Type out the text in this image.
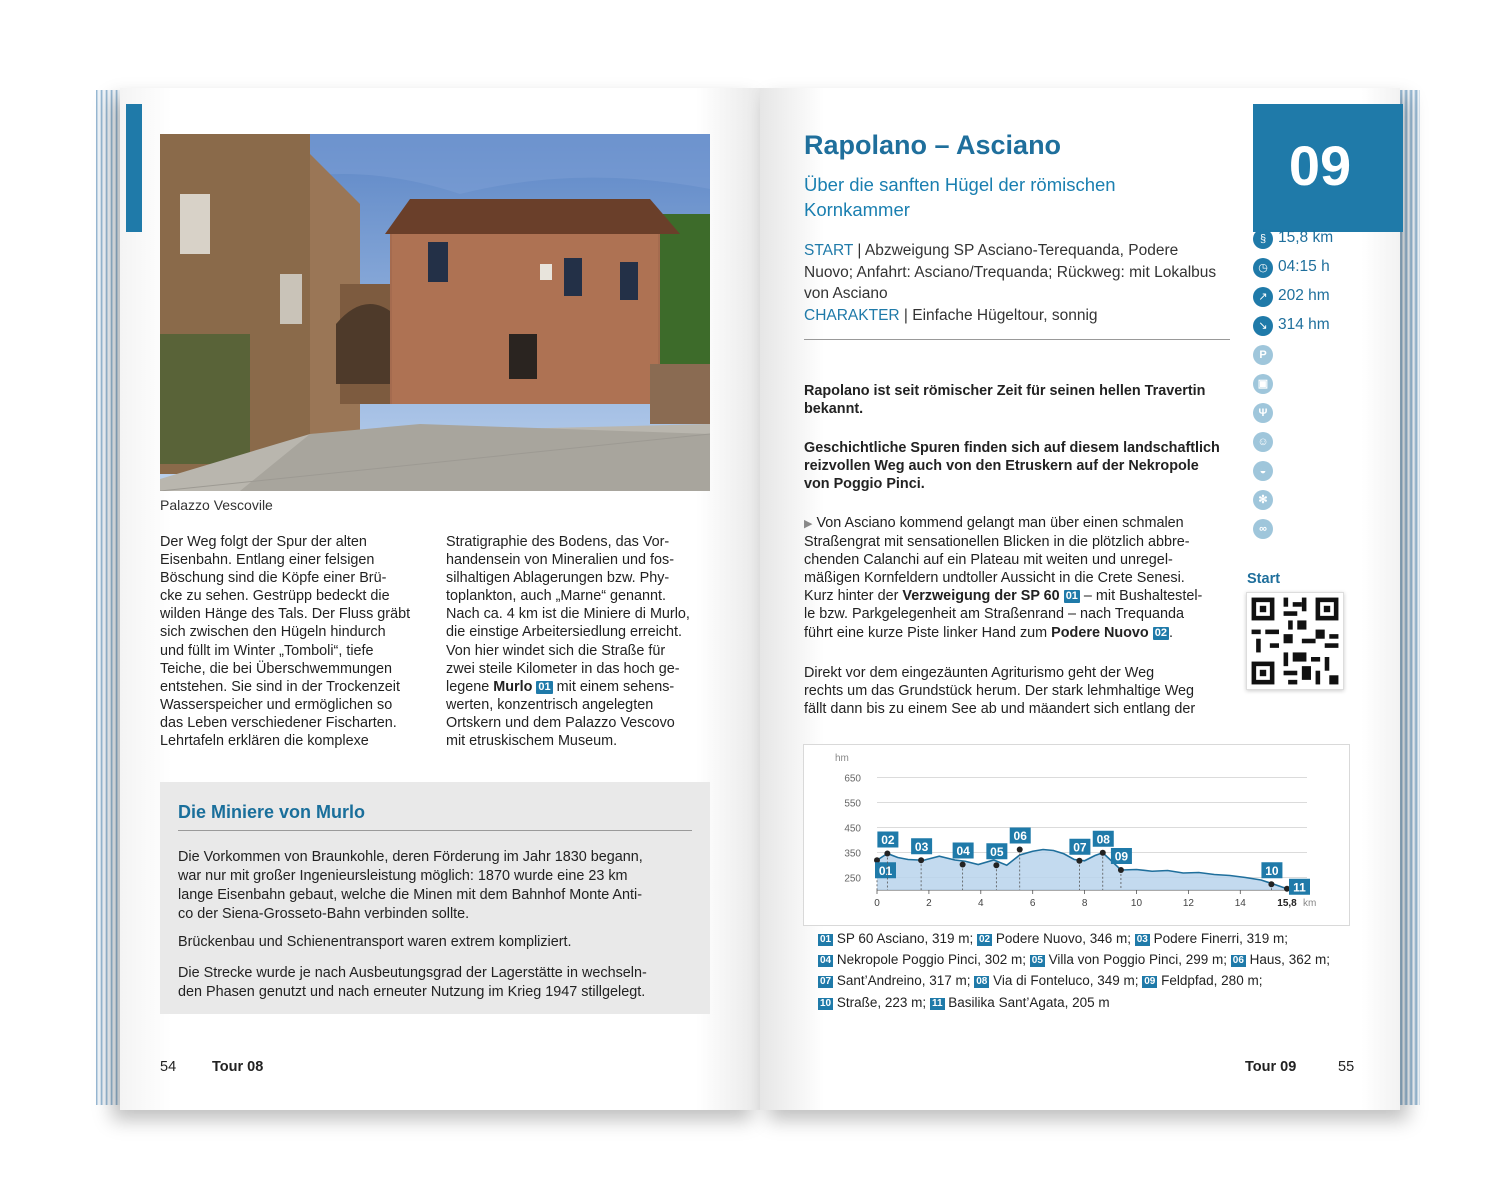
Palazzo Vescovile

Der Weg folgt der Spur der alten

Eisenbahn. Entlang einer felsigen

Böschung sind die Köpfe einer Brü-

cke zu sehen. Gestrüpp bedeckt die

wilden Hänge des Tals. Der Fluss gräbt

sich zwischen den Hügeln hindurch

und füllt im Winter „Tomboli“, tiefe

Teiche, die bei Überschwemmungen

entstehen. Sie sind in der Trockenzeit

Wasserspeicher und ermöglichen so

das Leben verschiedener Fischarten.

Lehrtafeln erklären die komplexe

Stratigraphie des Bodens, das Vor-

handensein von Mineralien und fos-

silhaltigen Ablagerungen bzw. Phy-

toplankton, auch „Marne“ genannt.

Nach ca. 4 km ist die Miniere di Murlo,

die einstige Arbeitersiedlung erreicht.

Von hier windet sich die Straße für

zwei steile Kilometer in das hoch ge-

legene Murlo 01 mit einem sehens-

werten, konzentrisch angelegten

Ortskern und dem Palazzo Vescovo

mit etruskischem Museum.

Die Miniere von Murlo
Die Vorkommen von Braunkohle, deren Förderung im Jahr 1830 begann,
war nur mit großer Ingenieursleistung möglich: 1870 wurde eine 23 km
lange Eisenbahn gebaut, welche die Minen mit dem Bahnhof Monte Anti-
co der Siena-Grosseto-Bahn verbinden sollte.
Brückenbau und Schienentransport waren extrem kompliziert.
Die Strecke wurde je nach Ausbeutungsgrad der Lagerstätte in wechseln-
den Phasen genutzt und nach erneuter Nutzung im Krieg 1947 stillgelegt.
54 Tour 08
Rapolano – Asciano
Über die sanften Hügel der römischen Kornkammer
09
§ 15,8 km
◷ 04:15 h
↗ 202 hm
↘ 314 hm
P
▣
Ψ
☺
◒
✻
∞
Start
START | Abzweigung SP Asciano-Terequanda, Podere Nuovo; Anfahrt: Asciano/Trequanda; Rückweg: mit Lokalbus von Asciano
CHARAKTER | Einfache Hügeltour, sonnig

Rapolano ist seit römischer Zeit für seinen hellen Travertin

bekannt.

Geschichtliche Spuren finden sich auf diesem landschaftlich

reizvollen Weg auch von den Etruskern auf der Nekropole

von Poggio Pinci.

▶ Von Asciano kommend gelangt man über einen schmalen

Straßengrat mit sensationellen Blicken in die plötzlich abbre-

chenden Calanchi auf ein Plateau mit weiten und unregel-

mäßigen Kornfeldern undtoller Aussicht in die Crete Senesi.

Kurz hinter der Verzweigung der SP 60 01 – mit Bushaltestel-

le bzw. Parkgelegenheit am Straßenrand – nach Trequanda

führt eine kurze Piste linker Hand zum Podere Nuovo 02 .

Direkt vor dem eingezäunten Agriturismo geht der Weg

rechts um das Grundstück herum. Der stark lehmhaltige Weg

fällt dann bis zu einem See ab und mäandert sich entlang der

hm
250
350
450
550
650
0	2	4	6	8	10	12	14	15,8 km
01
02 03 04 05
06
07
08
09
10
11
01 SP 60 Asciano, 319 m; 02 Podere Nuovo, 346 m; 03 Podere Finerri, 319 m;
04 Nekropole Poggio Pinci, 302 m; 05 Villa von Poggio Pinci, 299 m; 06 Haus, 362 m;
07 Sant’Andreino, 317 m; 08 Via di Fonteluco, 349 m; 09 Feldpfad, 280 m;
10 Straße, 223 m; 11 Basilika Sant’Agata, 205 m
Tour 09	55
